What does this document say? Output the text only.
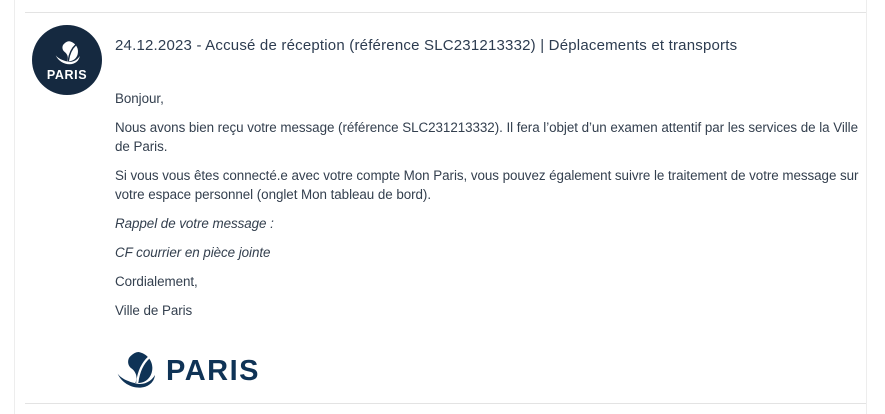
PARIS
24.12.2023 - Accusé de réception (référence SLC231213332) | Déplacements et transports

Bonjour,

Nous avons bien reçu votre message (référence SLC231213332). Il fera l’objet d’un examen attentif par les services de la Ville de Paris.

Si vous vous êtes connecté.e avec votre compte Mon Paris, vous pouvez également suivre le traitement de votre message sur votre espace personnel (onglet Mon tableau de bord).

Rappel de votre message :

CF courrier en pièce jointe

Cordialement,

Ville de Paris

PARIS
